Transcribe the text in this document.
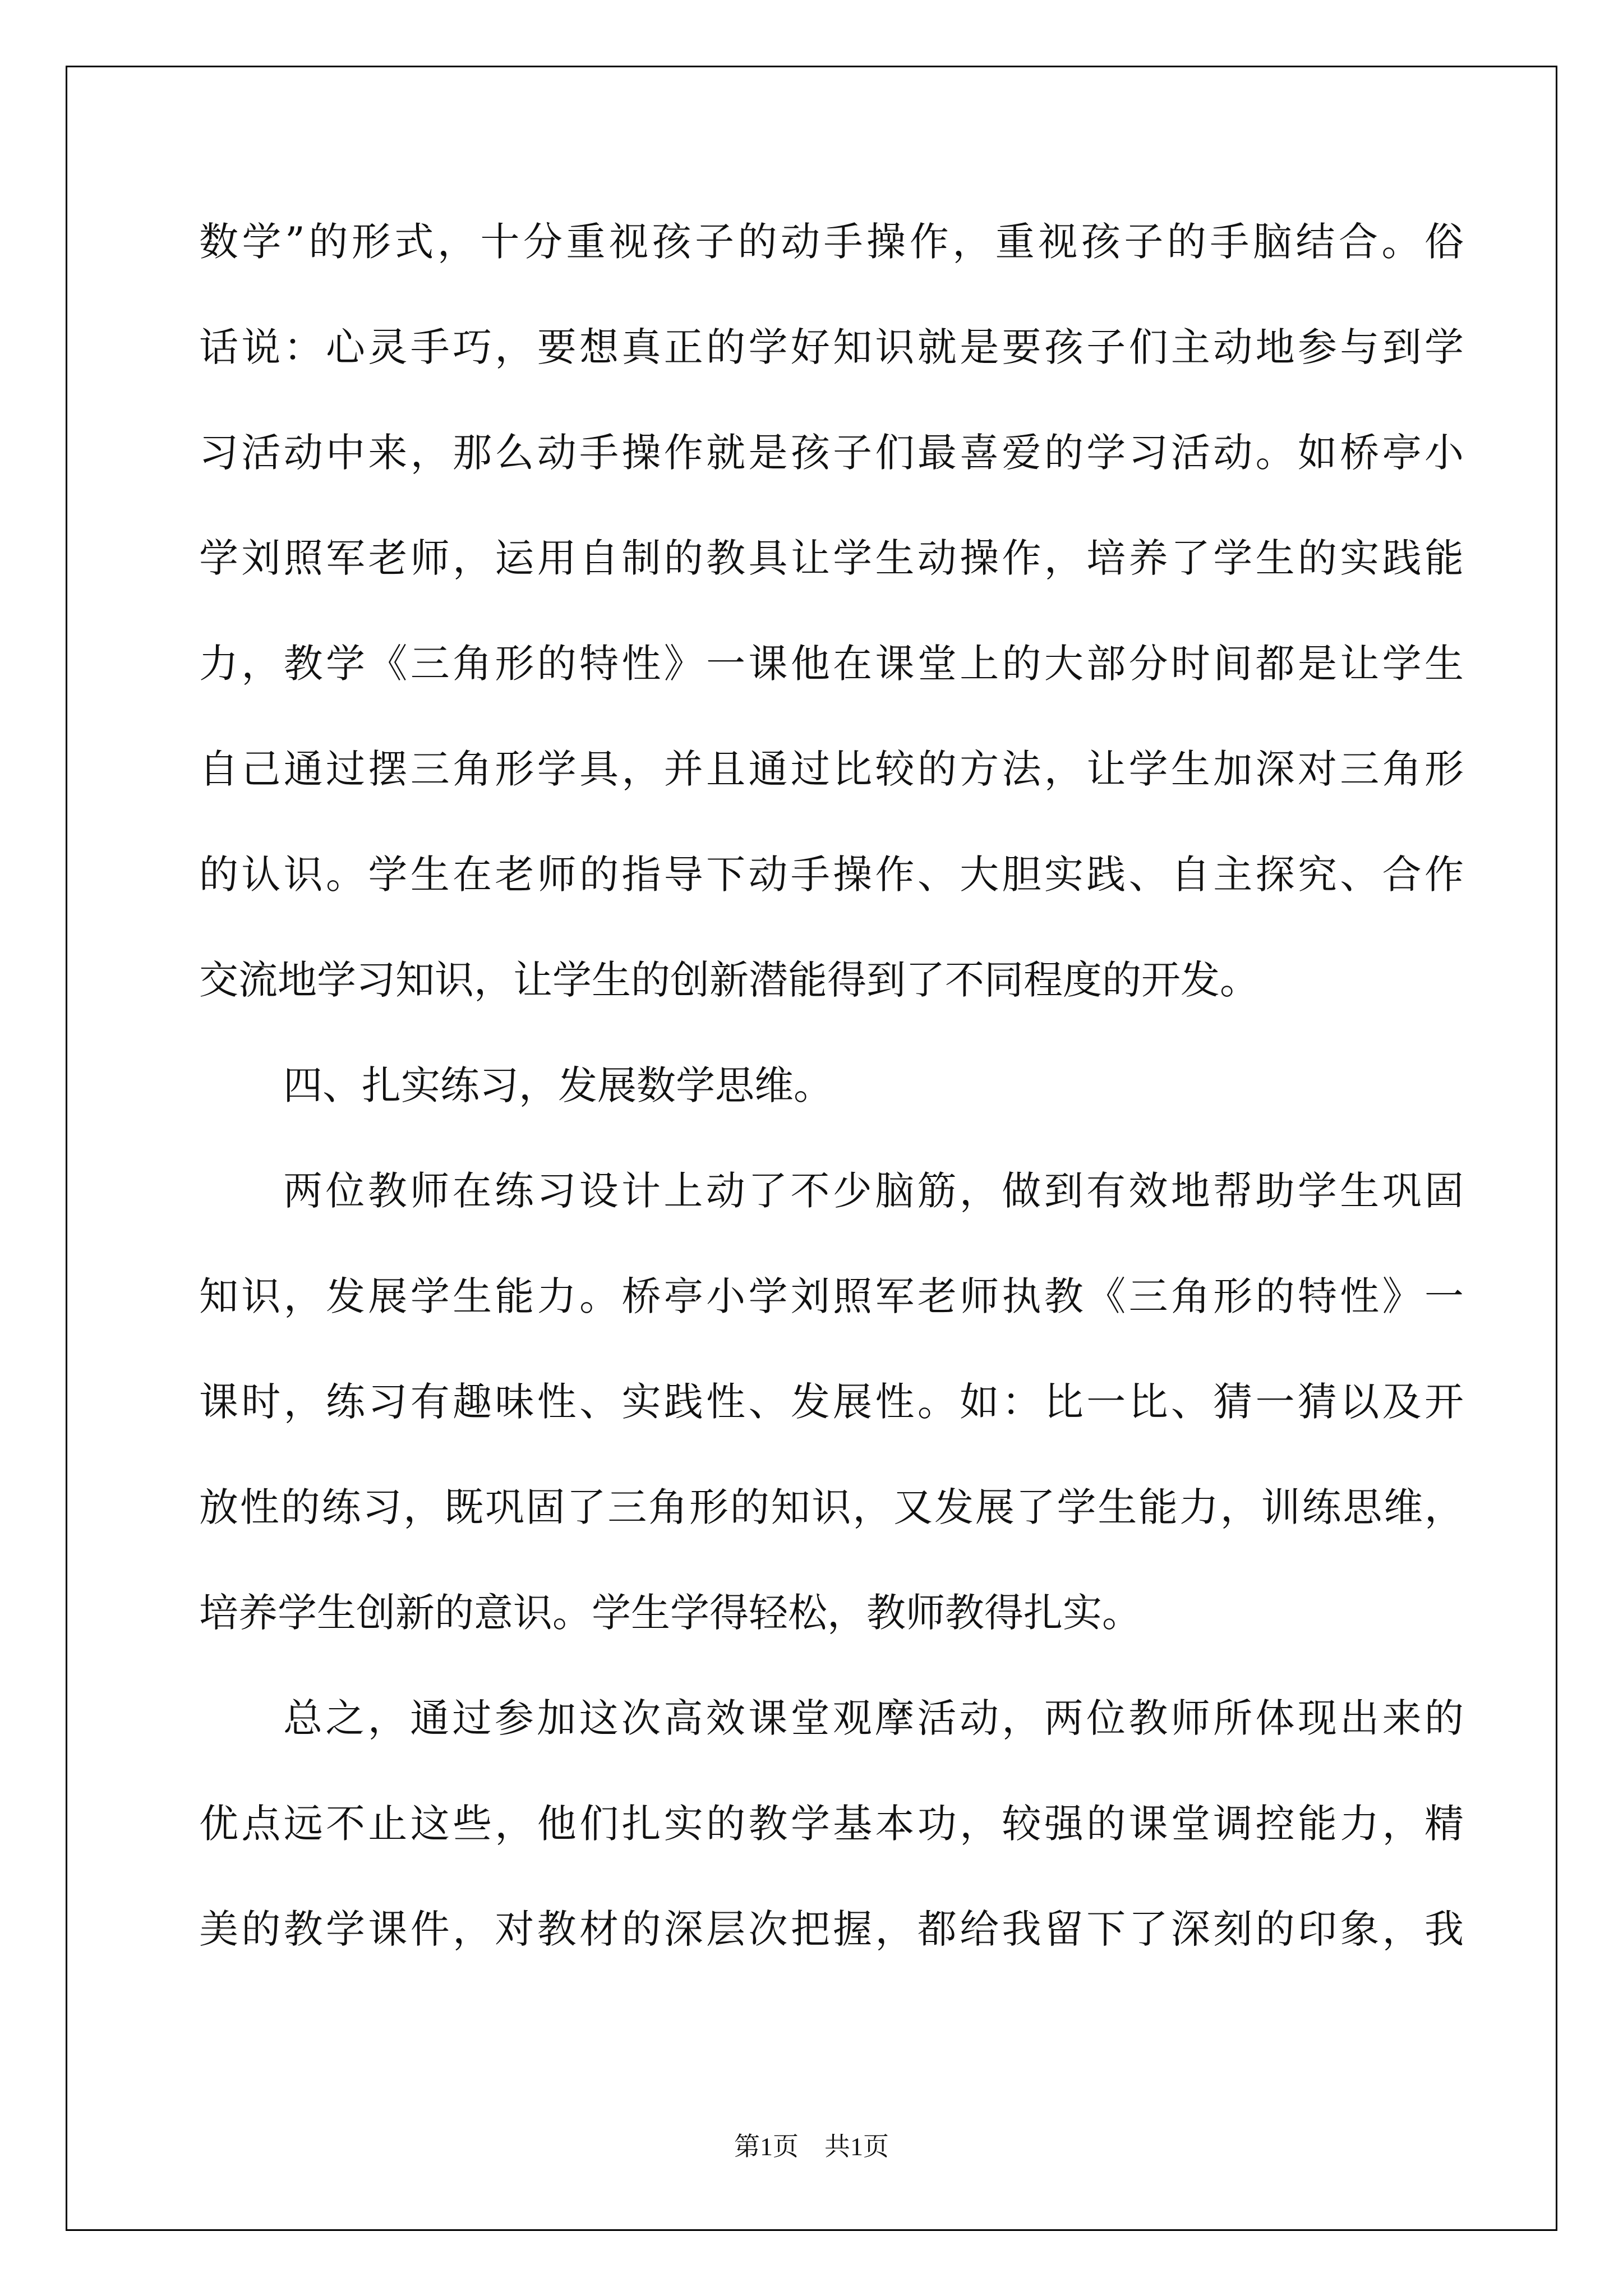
数学”的形式，十分重视孩子的动手操作，重视孩子的手脑结合。俗
话说：心灵手巧，要想真正的学好知识就是要孩子们主动地参与到学
习活动中来，那么动手操作就是孩子们最喜爱的学习活动。如桥亭小
学刘照军老师，运用自制的教具让学生动操作，培养了学生的实践能
力，教学《三角形的特性》一课他在课堂上的大部分时间都是让学生
自己通过摆三角形学具，并且通过比较的方法，让学生加深对三角形
的认识。学生在老师的指导下动手操作、大胆实践、自主探究、合作
交流地学习知识，让学生的创新潜能得到了不同程度的开发。
四、扎实练习，发展数学思维。
两位教师在练习设计上动了不少脑筋，做到有效地帮助学生巩固
知识，发展学生能力。桥亭小学刘照军老师执教《三角形的特性》一
课时，练习有趣味性、实践性、发展性。如：比一比、猜一猜以及开
放性的练习，既巩固了三角形的知识，又发展了学生能力，训练思维，
培养学生创新的意识。学生学得轻松，教师教得扎实。
总之，通过参加这次高效课堂观摩活动，两位教师所体现出来的
优点远不止这些，他们扎实的教学基本功，较强的课堂调控能力，精
美的教学课件，对教材的深层次把握，都给我留下了深刻的印象，我
第1页　共1页
